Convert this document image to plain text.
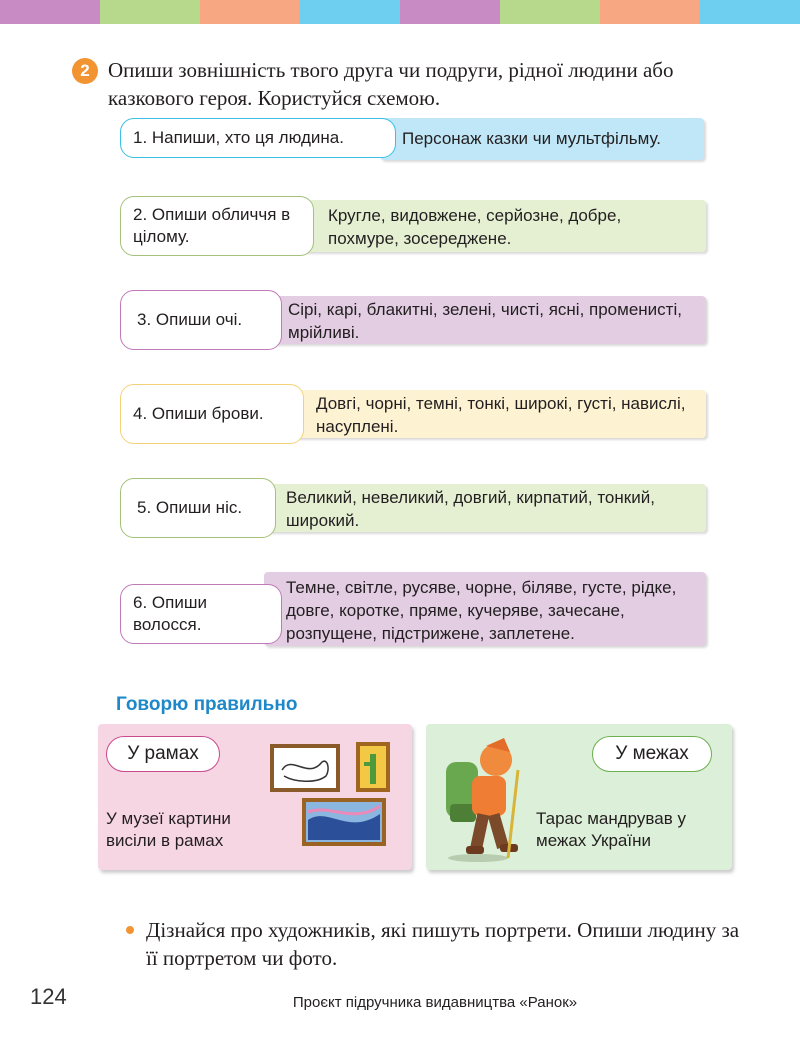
2 Опиши зовнішність твого друга чи подруги, рідної людини або казкового героя. Користуйся схемою.
Персонаж казки чи мультфільму.
1. Напиши, хто ця людина.
Кругле, видовжене, серйозне, добре, похмуре, зосереджене.
2. Опиши обличчя в цілому.
Сірі, карі, блакитні, зелені, чисті, ясні, променисті, мрійливі.
3. Опиши очі.
Довгі, чорні, темні, тонкі, широкі, густі, навислі, насуплені.
4. Опиши брови.
Великий, невеликий, довгий, кирпатий, тонкий, широкий.
5. Опиши ніс.
Темне, світле, русяве, чорне, біляве, густе, рідке, довге, коротке, пряме, кучеряве, зачесане, розпущене, підстрижене, заплетене.
6. Опиши волосся.
Говорю правильно
У рамах
У музеї картини висіли в рамах
У межах
Тарас мандрував у межах України
Дізнайся про художників, які пишуть портрети. Опиши людину за її портретом чи фото.
124	Проєкт підручника видавництва «Ранок»
